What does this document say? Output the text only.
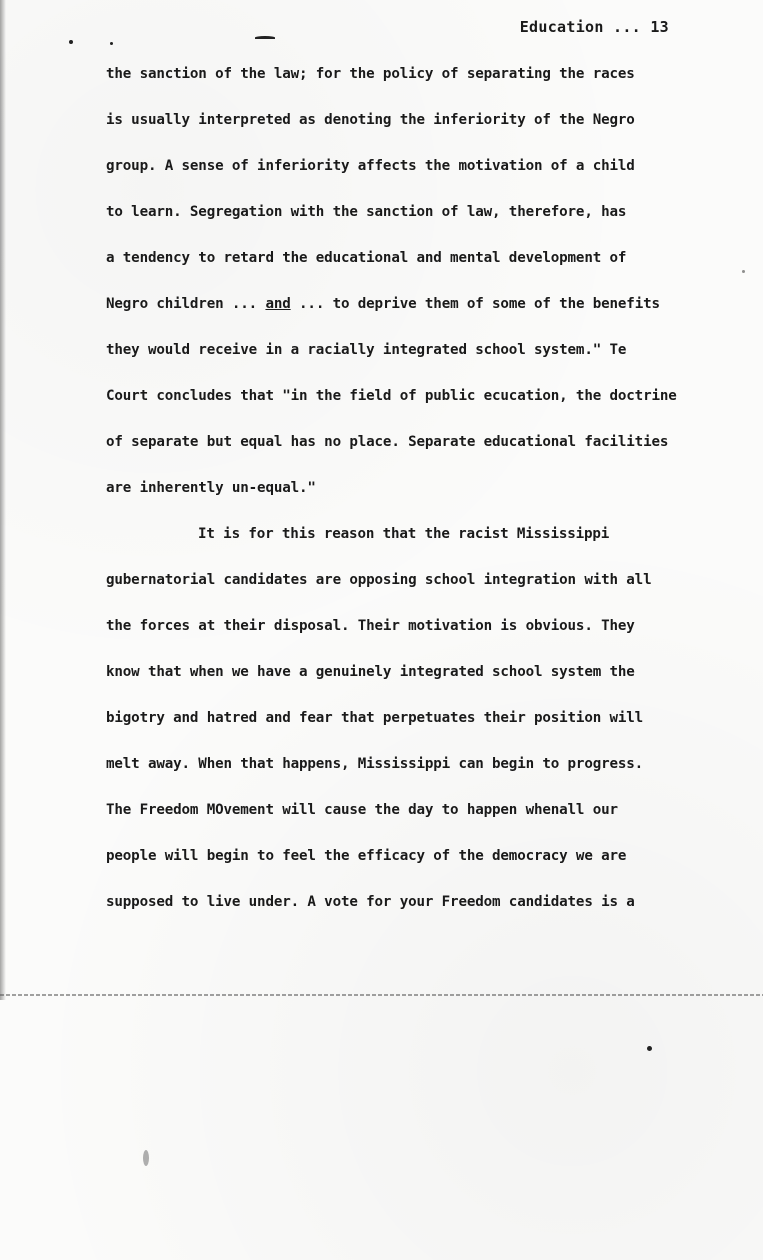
Education ... 13
the sanction of the law; for the policy of separating the races
is usually interpreted as denoting the inferiority of the Negro
group. A sense of inferiority affects the motivation of a child
to learn. Segregation with the sanction of law, therefore, has
a tendency to retard the educational and mental development of
Negro children ... and ... to deprive them of some of the benefits
they would receive in a racially integrated school system." Te
Court concludes that "in the field of public ecucation, the doctrine
of separate but equal has no place. Separate educational facilities
are inherently un-equal."
It is for this reason that the racist Mississippi
gubernatorial candidates are opposing school integration with all
the forces at their disposal. Their motivation is obvious. They
know that when we have a genuinely integrated school system the
bigotry and hatred and fear that perpetuates their position will
melt away. When that happens, Mississippi can begin to progress.
The Freedom MOvement will cause the day to happen whenall our
people will begin to feel the efficacy of the democracy we are
supposed to live under. A vote for your Freedom candidates is a
